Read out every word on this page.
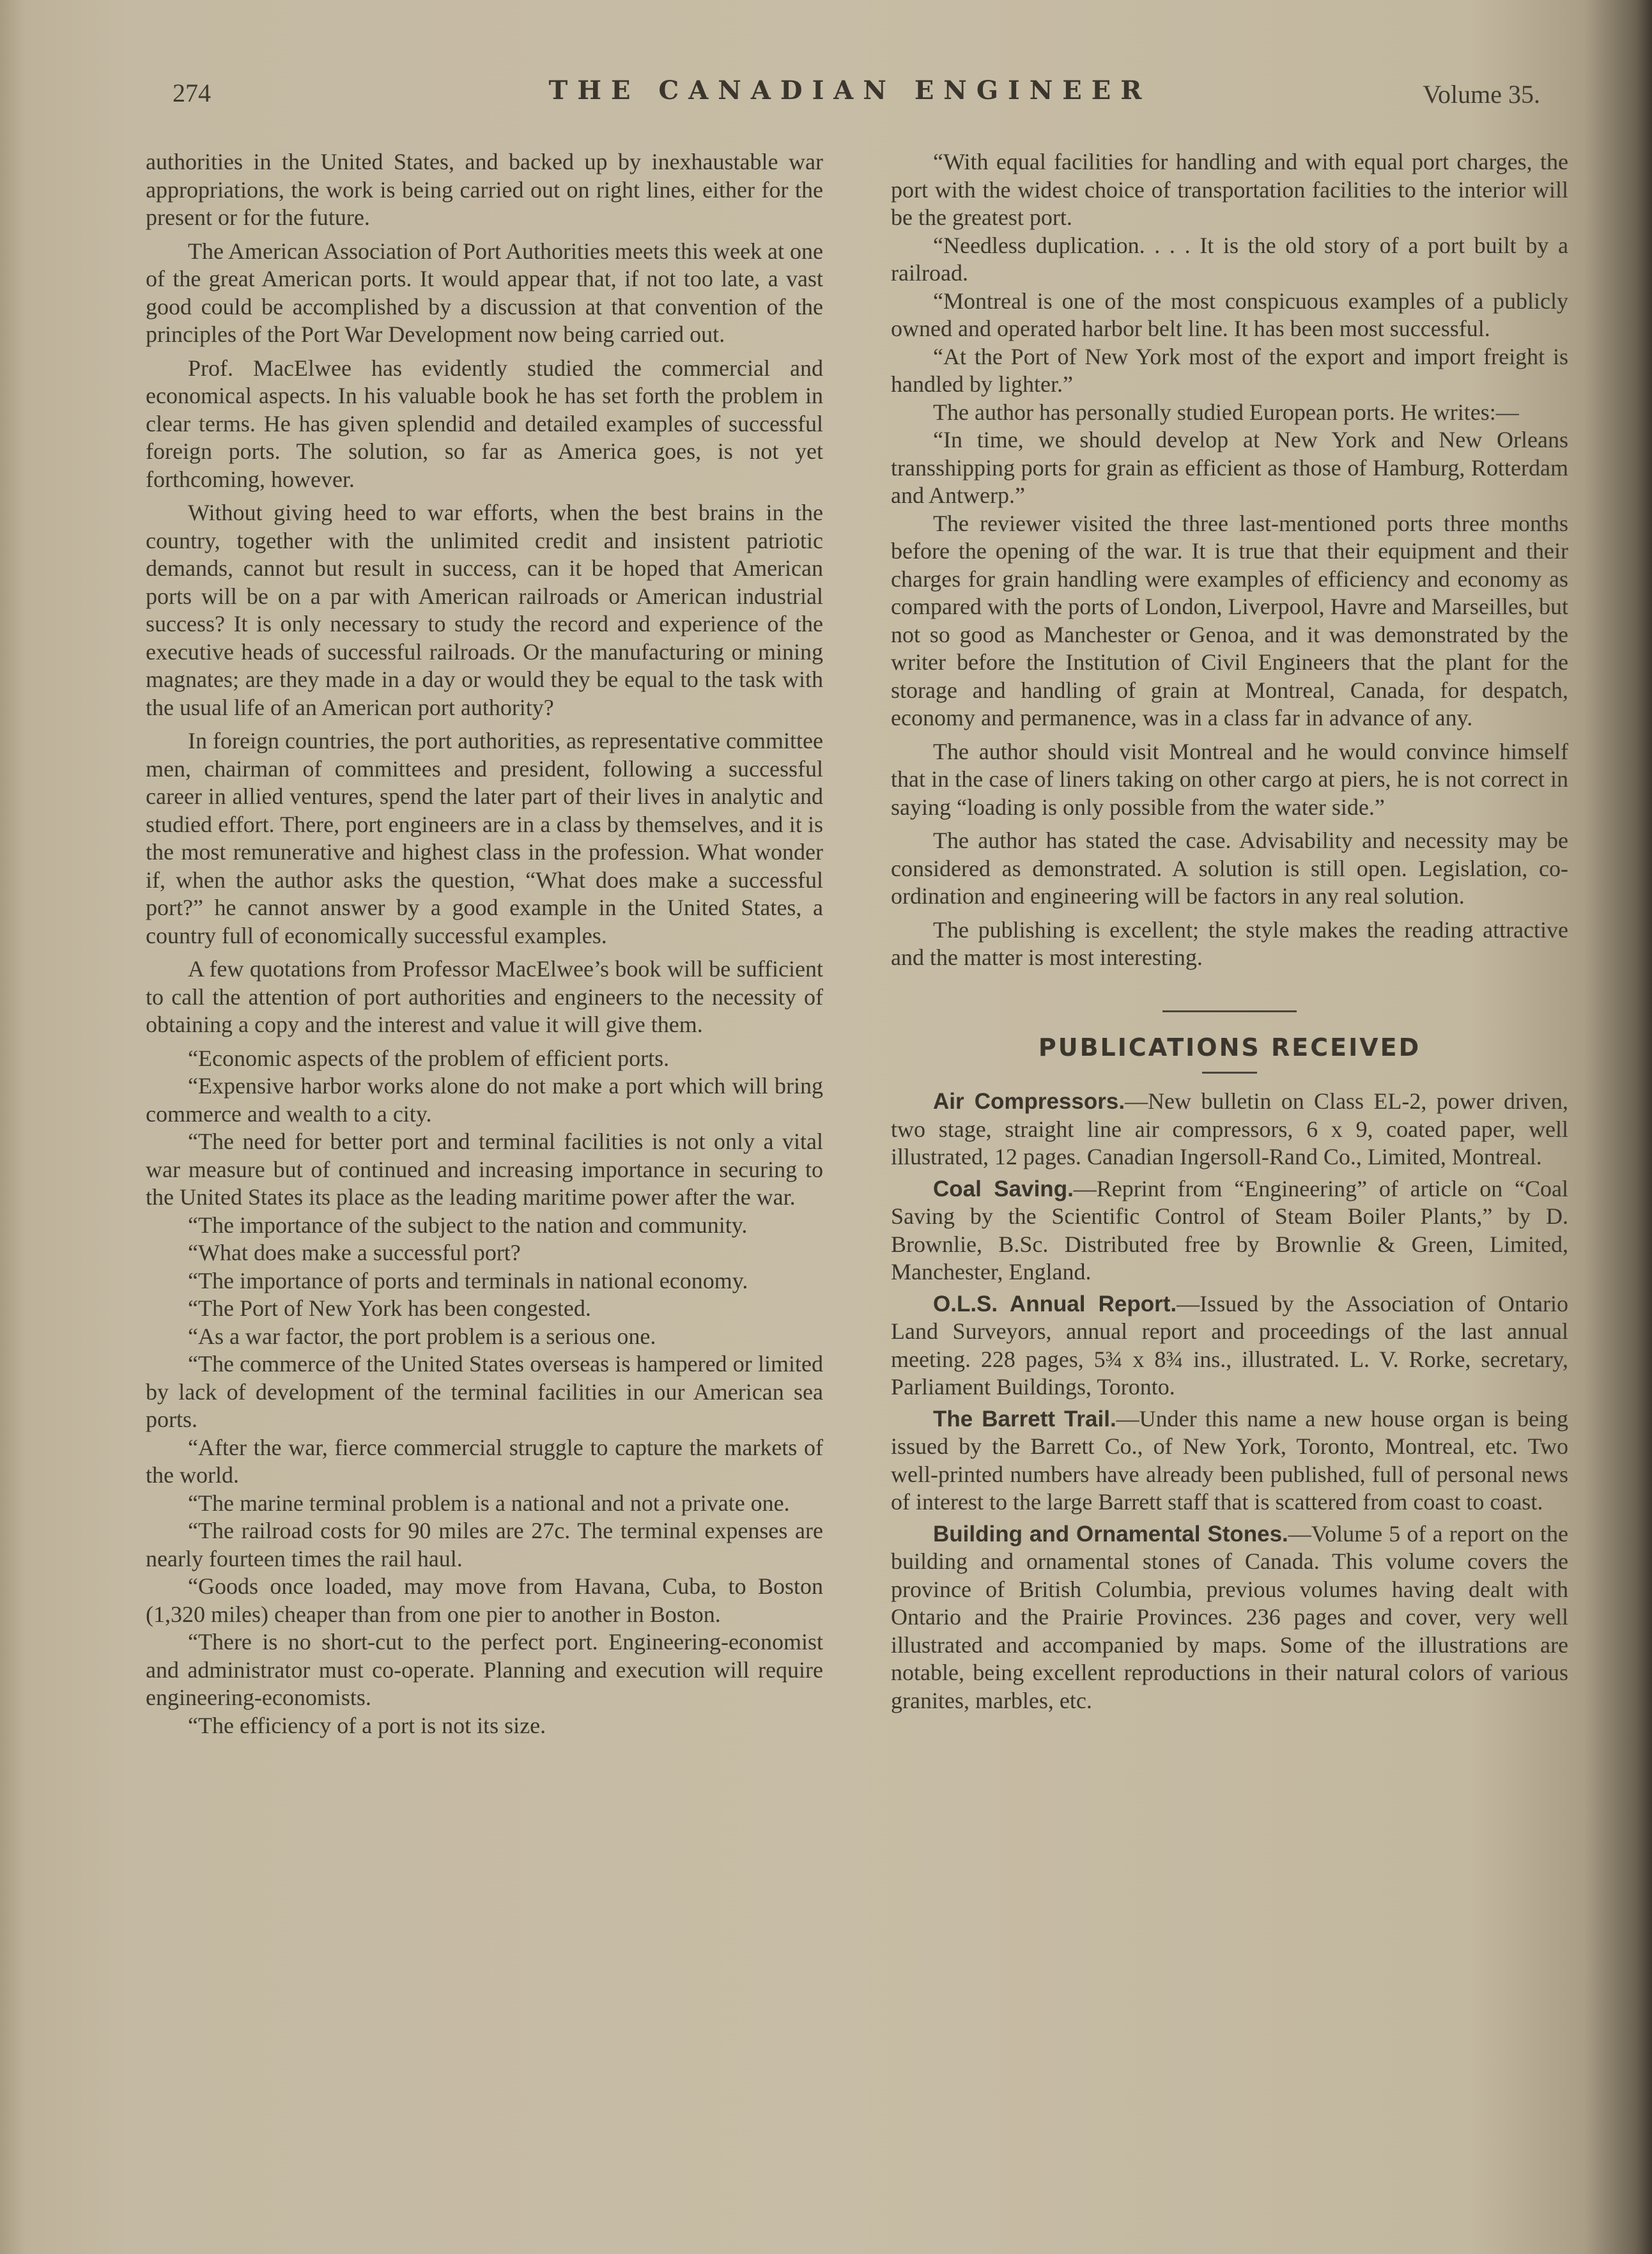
274	THE CANADIAN ENGINEER	Volume 35.

authorities in the United States, and backed up by inexhaustable war appropriations, the work is being carried out on right lines, either for the present or for the future.

The American Association of Port Authorities meets this week at one of the great American ports. It would appear that, if not too late, a vast good could be accomplished by a discussion at that convention of the principles of the Port War Development now being carried out.

Prof. MacElwee has evidently studied the commercial and economical aspects. In his valuable book he has set forth the problem in clear terms. He has given splendid and detailed examples of successful foreign ports. The solution, so far as America goes, is not yet forthcoming, however.

Without giving heed to war efforts, when the best brains in the country, together with the unlimited credit and insistent patriotic demands, cannot but result in success, can it be hoped that American ports will be on a par with American railroads or American industrial success? It is only necessary to study the record and experience of the executive heads of successful railroads. Or the manufacturing or mining magnates; are they made in a day or would they be equal to the task with the usual life of an American port authority?

In foreign countries, the port authorities, as representative committee men, chairman of committees and president, following a successful career in allied ventures, spend the later part of their lives in analytic and studied effort. There, port engineers are in a class by themselves, and it is the most remunerative and highest class in the profession. What wonder if, when the author asks the question, “What does make a successful port?” he cannot answer by a good example in the United States, a country full of economically successful examples.

A few quotations from Professor MacElwee’s book will be sufficient to call the attention of port authorities and engineers to the necessity of obtaining a copy and the interest and value it will give them.

“Economic aspects of the problem of efficient ports.

“Expensive harbor works alone do not make a port which will bring commerce and wealth to a city.

“The need for better port and terminal facilities is not only a vital war measure but of continued and increasing importance in securing to the United States its place as the leading maritime power after the war.

“The importance of the subject to the nation and community.

“What does make a successful port?

“The importance of ports and terminals in national economy.

“The Port of New York has been congested.

“As a war factor, the port problem is a serious one.

“The commerce of the United States overseas is hampered or limited by lack of development of the terminal facilities in our American sea ports.

“After the war, fierce commercial struggle to capture the markets of the world.

“The marine terminal problem is a national and not a private one.

“The railroad costs for 90 miles are 27c. The terminal expenses are nearly fourteen times the rail haul.

“Goods once loaded, may move from Havana, Cuba, to Boston (1,320 miles) cheaper than from one pier to another in Boston.

“There is no short-cut to the perfect port. Engineering-economist and administrator must co-operate. Planning and execution will require engineering-economists.

“The efficiency of a port is not its size.

“With equal facilities for handling and with equal port charges, the port with the widest choice of transportation facilities to the interior will be the greatest port.

“Needless duplication. . . . It is the old story of a port built by a railroad.

“Montreal is one of the most conspicuous examples of a publicly owned and operated harbor belt line. It has been most successful.

“At the Port of New York most of the export and import freight is handled by lighter.”

The author has personally studied European ports. He writes:—

“In time, we should develop at New York and New Orleans transshipping ports for grain as efficient as those of Hamburg, Rotterdam and Antwerp.”

The reviewer visited the three last-mentioned ports three months before the opening of the war. It is true that their equipment and their charges for grain handling were examples of efficiency and economy as compared with the ports of London, Liverpool, Havre and Marseilles, but not so good as Manchester or Genoa, and it was demonstrated by the writer before the Institution of Civil Engineers that the plant for the storage and handling of grain at Montreal, Canada, for despatch, economy and permanence, was in a class far in advance of any.

The author should visit Montreal and he would convince himself that in the case of liners taking on other cargo at piers, he is not correct in saying “loading is only possible from the water side.”

The author has stated the case. Advisability and necessity may be considered as demonstrated. A solution is still open. Legislation, co-ordination and engineering will be factors in any real solution.

The publishing is excellent; the style makes the reading attractive and the matter is most interesting.

PUBLICATIONS RECEIVED

Air Compressors.—New bulletin on Class EL-2, power driven, two stage, straight line air compressors, 6 x 9, coated paper, well illustrated, 12 pages. Canadian Ingersoll-Rand Co., Limited, Montreal.

Coal Saving.—Reprint from “Engineering” of article on “Coal Saving by the Scientific Control of Steam Boiler Plants,” by D. Brownlie, B.Sc. Distributed free by Brownlie & Green, Limited, Manchester, England.

O.L.S. Annual Report.—Issued by the Association of Ontario Land Surveyors, annual report and proceedings of the last annual meeting. 228 pages, 5¾ x 8¾ ins., illustrated. L. V. Rorke, secretary, Parliament Buildings, Toronto.

The Barrett Trail.—Under this name a new house organ is being issued by the Barrett Co., of New York, Toronto, Montreal, etc. Two well-printed numbers have already been published, full of personal news of interest to the large Barrett staff that is scattered from coast to coast.

Building and Ornamental Stones.—Volume 5 of a report on the building and ornamental stones of Canada. This volume covers the province of British Columbia, previous volumes having dealt with Ontario and the Prairie Provinces. 236 pages and cover, very well illustrated and accompanied by maps. Some of the illustrations are notable, being excellent reproductions in their natural colors of various granites, marbles, etc.
